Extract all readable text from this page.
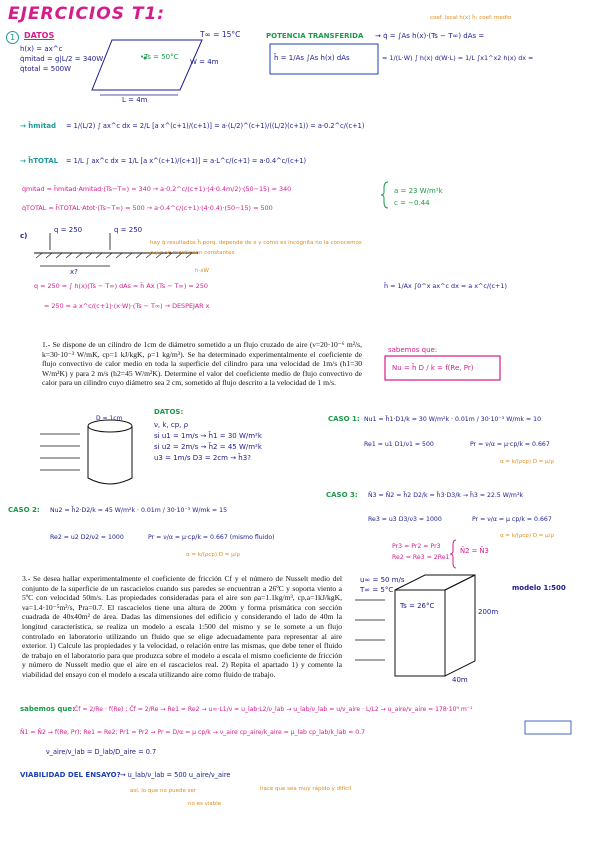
EJERCICIOS T1:
1	DATOS
h(x) = ax^c
q̇mitad = g|L/2 = 340W
q̇total = 500W
T∞ = 15°C
•Ts = 50°C
W = 4m
L = 4m
POTENCIA TRANSFERIDA → q̇ = ∫As h(x)·(Ts − T∞) dAs =
coef. local h(x) h̄: coef. medio
h̄ = 1/As ∫As h(x) dAs	= 1/(L·W) ∫ h(x) d(W·L) = 1/L ∫x1^x2 h(x) dx =
→ h̄mitad = 1/(L/2) ∫ ax^c dx = 2/L [a x^(c+1)/(c+1)] = a·(L/2)^(c+1)/((L/2)(c+1)) = a·0.2^c/(c+1)
→ h̄TOTAL = 1/L ∫ ax^c dx = 1/L [a x^(c+1)/(c+1)] = a·L^c/(c+1) = a·0.4^c/(c+1)
q̇mitad = h̄mitad·Amitad·(Ts−T∞) = 340 → a·0.2^c/(c+1)·(4·0.4m/2)·(50−15) = 340
q̇TOTAL = h̄TOTAL·Atot·(Ts−T∞) = 500 → a·0.4^c/(c+1)·(4·0.4)·(50−15) = 500
a = 23 W/m²k
c = −0.44
c)
q = 250	q = 250
x?
hay q̇ resultados h̄ porq. depende de x y como es incógnita no la conocemos
a y c se mantienen constantes
h·xW
q = 250 = ∫ h(x)(Ts − T∞) dAs = h̄ Ax (Ts − T∞) = 250
= 250 = a x^c/(c+1)·(x·W)·(Ts − T∞) → DESPEJAR x
h̄ = 1/Ax ∫0^x ax^c dx = a x^c/(c+1)
1.- Se dispone de un cilindro de 1cm de diámetro sometido a un flujo cruzado de aire (ν=20·10⁻⁶ m²/s, k=30·10⁻³ W/mK, cp=1 kJ/kgK, ρ=1 kg/m³). Se ha determinado experimentalmente el coeficiente de flujo convectivo de calor medio en toda la superficie del cilindro para una velocidad de 1m/s (h1=30 W/m²K) y para 2 m/s (h2=45 W/m²K). Determine el valor del coeficiente medio de flujo convectivo de calor para un cilindro cuyo diámetro sea 2 cm, sometido al flujo descrito a la velocidad de 1 m/s.
sabemos que:
Nu = h̄ D / k = f(Re, Pr)
D = 1cm
DATOS:
ν, k, cp, ρ
si u1 = 1m/s → h̄1 = 30 W/m²k
si u2 = 2m/s → h̄2 = 45 W/m²k
u3 = 1m/s D3 = 2cm → h̄3?
CASO 1: Nu1 = h̄1·D1/k = 30 W/m²k · 0.01m / 30·10⁻³ W/mk = 10
Re1 = u1 D1/ν1 = 500	Pr = ν/α = μ·cp/k = 0.667
α = k/(ρcp) D = μ/ρ
CASO 2: Nu2 = h̄2·D2/k = 45 W/m²k · 0.01m / 30·10⁻³ W/mk = 15
Re2 = u2 D2/ν2 = 1000	Pr = ν/α = μ·cp/k = 0.667 (mismo fluido)
α = k/(ρcp) D = μ/ρ
CASO 3: N̄3 = N̄2 = h̄2 D2/k = h̄3·D3/k → h̄3 = 22.5 W/m²k
Re3 = u3 D3/ν3 = 1000	Pr = ν/α = μ cp/k = 0.667
α = k/(ρcp) D = μ/ρ
Pr3 = Pr2 = Pr3
Re2 = Re3 = 2Re1
N̄2 = N̄3
3.- Se desea hallar experimentalmente el coeficiente de fricción Cf y el número de Nusselt medio del conjunto de la superficie de un rascacielos cuando sus paredes se encuentran a 26ºC y soporta viento a 5ºC con velocidad 50m/s. Las propiedades consideradas para el aire son ρa=1.1kg/m³, cp,a=1kJ/kgK, νa=1.4·10⁻⁵m²/s, Pra=0.7. El rascacielos tiene una altura de 200m y forma prismática con sección cuadrada de 40x40m² de área. Dadas las dimensiones del edificio y considerando el lado de 40m la longitud característica, se realiza un modelo a escala 1:500 del mismo y se le somete a un flujo controlado en laboratorio utilizando un fluido que se elige adecuadamente para representar al aire exterior. 1) Calcule las propiedades y la velocidad, o relación entre las mismas, que debe tener el fluido de trabajo en el laboratorio para que produzca sobre el modelo a escala el mismo coeficiente de fricción y número de Nusselt medio que el aire en el rascacielos real. 2) Repita el apartado 1) y comente la viabilidad del ensayo con el modelo a escala utilizando aire como fluido de trabajo.
u∞ = 50 m/s
T∞ = 5°C
Ts = 26°C
200m
40m
modelo 1:500
sabemos que: C̄f = 2/Re · f(Re) ; C̄f = 2/Re → Re1 = Re2 → u∞·L1/ν = u_lab·L2/ν_lab → u_lab/ν_lab = u/ν_aire · L/L2 → u_aire/ν_aire = 178·10⁹ m⁻¹
N̄1 = N̄2 → f(Re, Pr); Re1 = Re2; Pr1 = Pr2 → Pr = D/α = μ cp/k → ν_aire cp_aire/k_aire = μ_lab cp_lab/k_lab = 0.7
ν_aire/ν_lab = D_lab/D_aire = 0.7
VIABILIDAD DEL ENSAYO? → u_lab/ν_lab = 500 u_aire/ν_aire
hace que sea muy rápido y difícil
así, lo que no puede ser
no es viable
